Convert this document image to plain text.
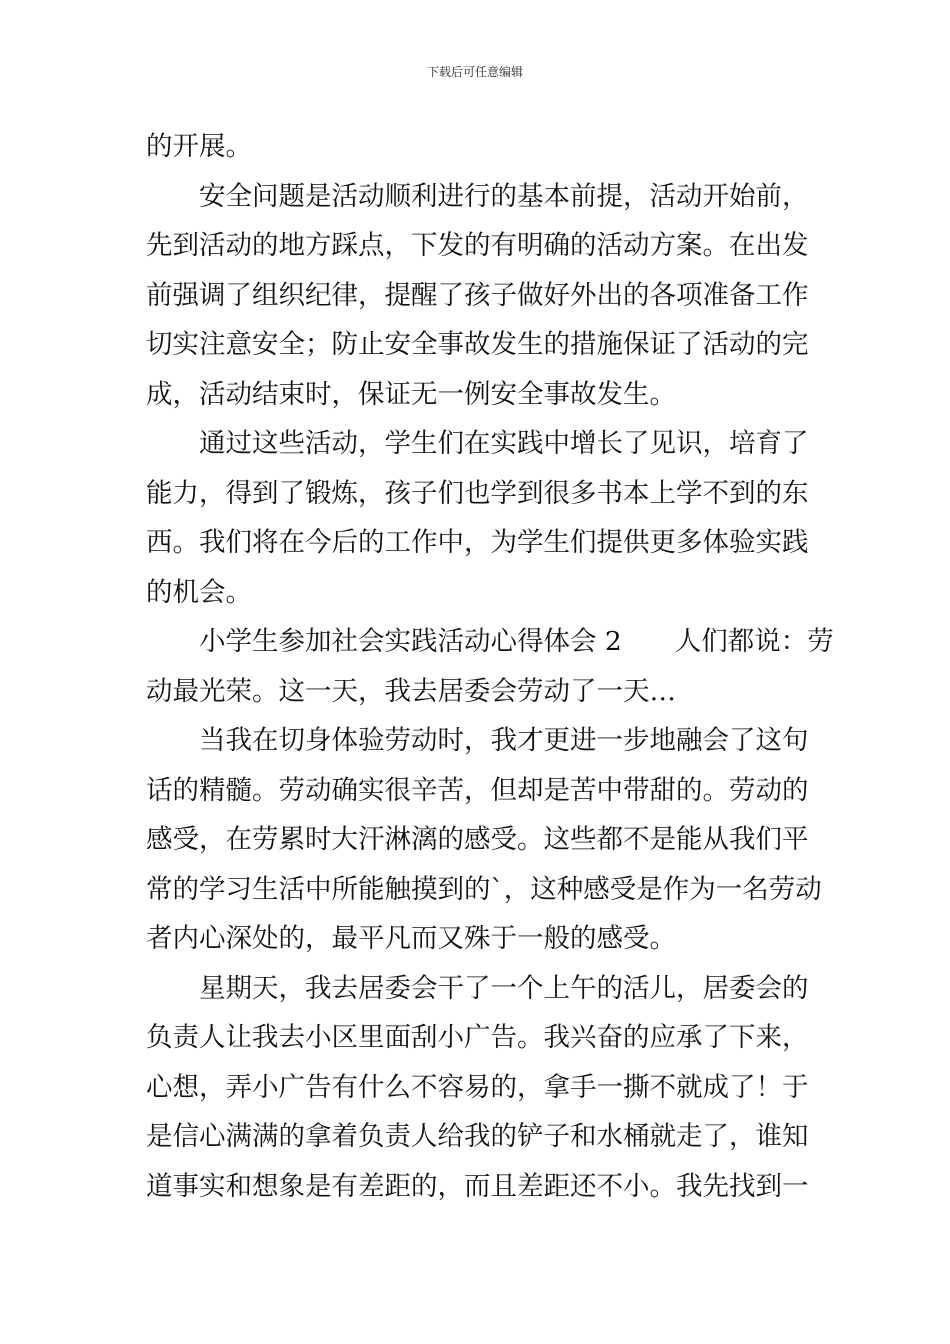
下载后可任意编辑
的开展。
安全问题是活动顺利进行的基本前提，活动开始前，
先到活动的地方踩点，下发的有明确的活动方案。在出发
前强调了组织纪律，提醒了孩子做好外出的各项准备工作
切实注意安全；防止安全事故发生的措施保证了活动的完
成，活动结束时，保证无一例安全事故发生。
通过这些活动，学生们在实践中增长了见识，培育了
能力，得到了锻炼，孩子们也学到很多书本上学不到的东
西。我们将在今后的工作中，为学生们提供更多体验实践
的机会。
小学生参加社会实践活动心得体会 2　　人们都说：劳
动最光荣。这一天，我去居委会劳动了一天…
当我在切身体验劳动时，我才更进一步地融会了这句
话的精髓。劳动确实很辛苦，但却是苦中带甜的。劳动的
感受，在劳累时大汗淋漓的感受。这些都不是能从我们平
常的学习生活中所能触摸到的`，这种感受是作为一名劳动
者内心深处的，最平凡而又殊于一般的感受。
星期天，我去居委会干了一个上午的活儿，居委会的
负责人让我去小区里面刮小广告。我兴奋的应承了下来，
心想，弄小广告有什么不容易的，拿手一撕不就成了！于
是信心满满的拿着负责人给我的铲子和水桶就走了，谁知
道事实和想象是有差距的，而且差距还不小。我先找到一
